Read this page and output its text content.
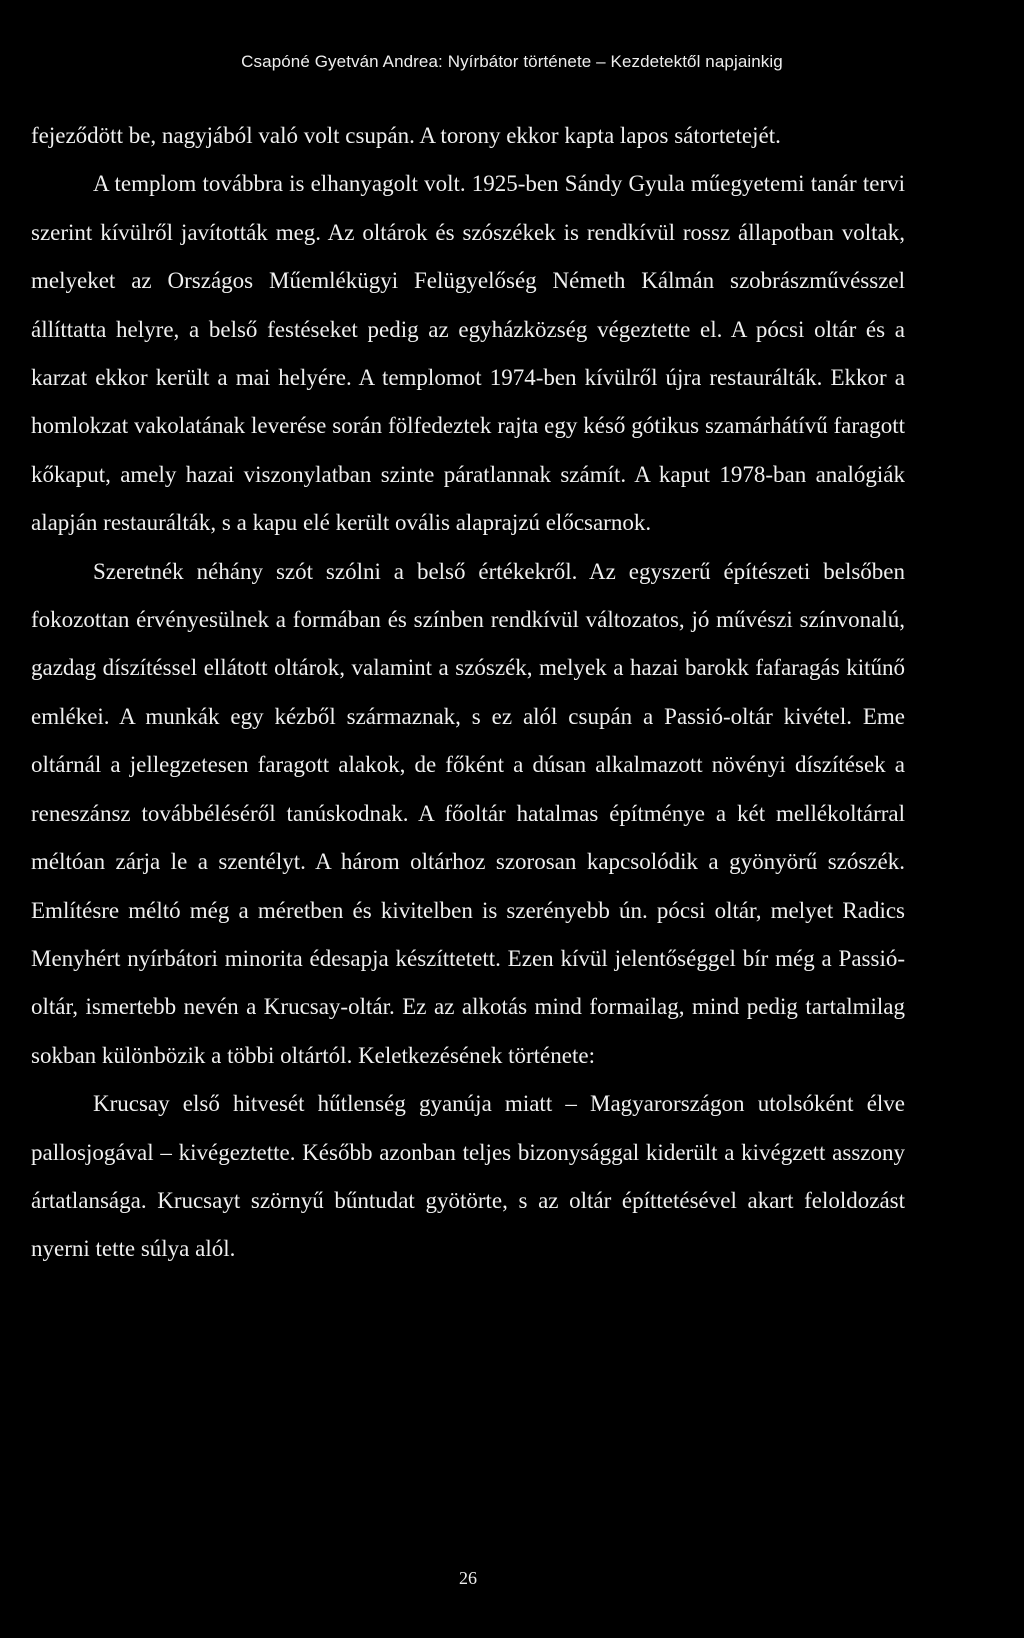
Csapóné Gyetván Andrea: Nyírbátor története – Kezdetektől napjainkig

fejeződött be, nagyjából való volt csupán. A torony ekkor kapta lapos sátortetejét.

A templom továbbra is elhanyagolt volt. 1925-ben Sándy Gyula műegyetemi tanár tervi szerint kívülről javították meg. Az oltárok és szószékek is rendkívül rossz állapotban voltak, melyeket az Országos Műemlékügyi Felügyelőség Németh Kálmán szobrászművésszel állíttatta helyre, a belső festéseket pedig az egyházközség végeztette el. A pócsi oltár és a karzat ekkor került a mai helyére. A templomot 1974-ben kívülről újra restaurálták. Ekkor a homlokzat vakolatának leverése során fölfedeztek rajta egy késő gótikus szamárhátívű faragott kőkaput, amely hazai viszonylatban szinte páratlannak számít. A kaput 1978-ban analógiák alapján restaurálták, s a kapu elé került ovális alaprajzú előcsarnok.

Szeretnék néhány szót szólni a belső értékekről. Az egyszerű építészeti belsőben fokozottan érvényesülnek a formában és színben rendkívül változatos, jó művészi színvonalú, gazdag díszítéssel ellátott oltárok, valamint a szószék, melyek a hazai barokk fafaragás kitűnő emlékei. A munkák egy kézből származnak, s ez alól csupán a Passió-oltár kivétel. Eme oltárnál a jellegzetesen faragott alakok, de főként a dúsan alkalmazott növényi díszítések a reneszánsz továbbéléséről tanúskodnak. A főoltár hatalmas építménye a két mellékoltárral méltóan zárja le a szentélyt. A három oltárhoz szorosan kapcsolódik a gyönyörű szószék. Említésre méltó még a méretben és kivitelben is szerényebb ún. pócsi oltár, melyet Radics Menyhért nyírbátori minorita édesapja készíttetett. Ezen kívül jelentőséggel bír még a Passió-oltár, ismertebb nevén a Krucsay-oltár. Ez az alkotás mind formailag, mind pedig tartalmilag sokban különbözik a többi oltártól. Keletkezésének története:

Krucsay első hitvesét hűtlenség gyanúja miatt – Magyarországon utolsóként élve pallosjogával – kivégeztette. Később azonban teljes bizonysággal kiderült a kivégzett asszony ártatlansága. Krucsayt szörnyű bűntudat gyötörte, s az oltár építtetésével akart feloldozást nyerni tette súlya alól.

26
